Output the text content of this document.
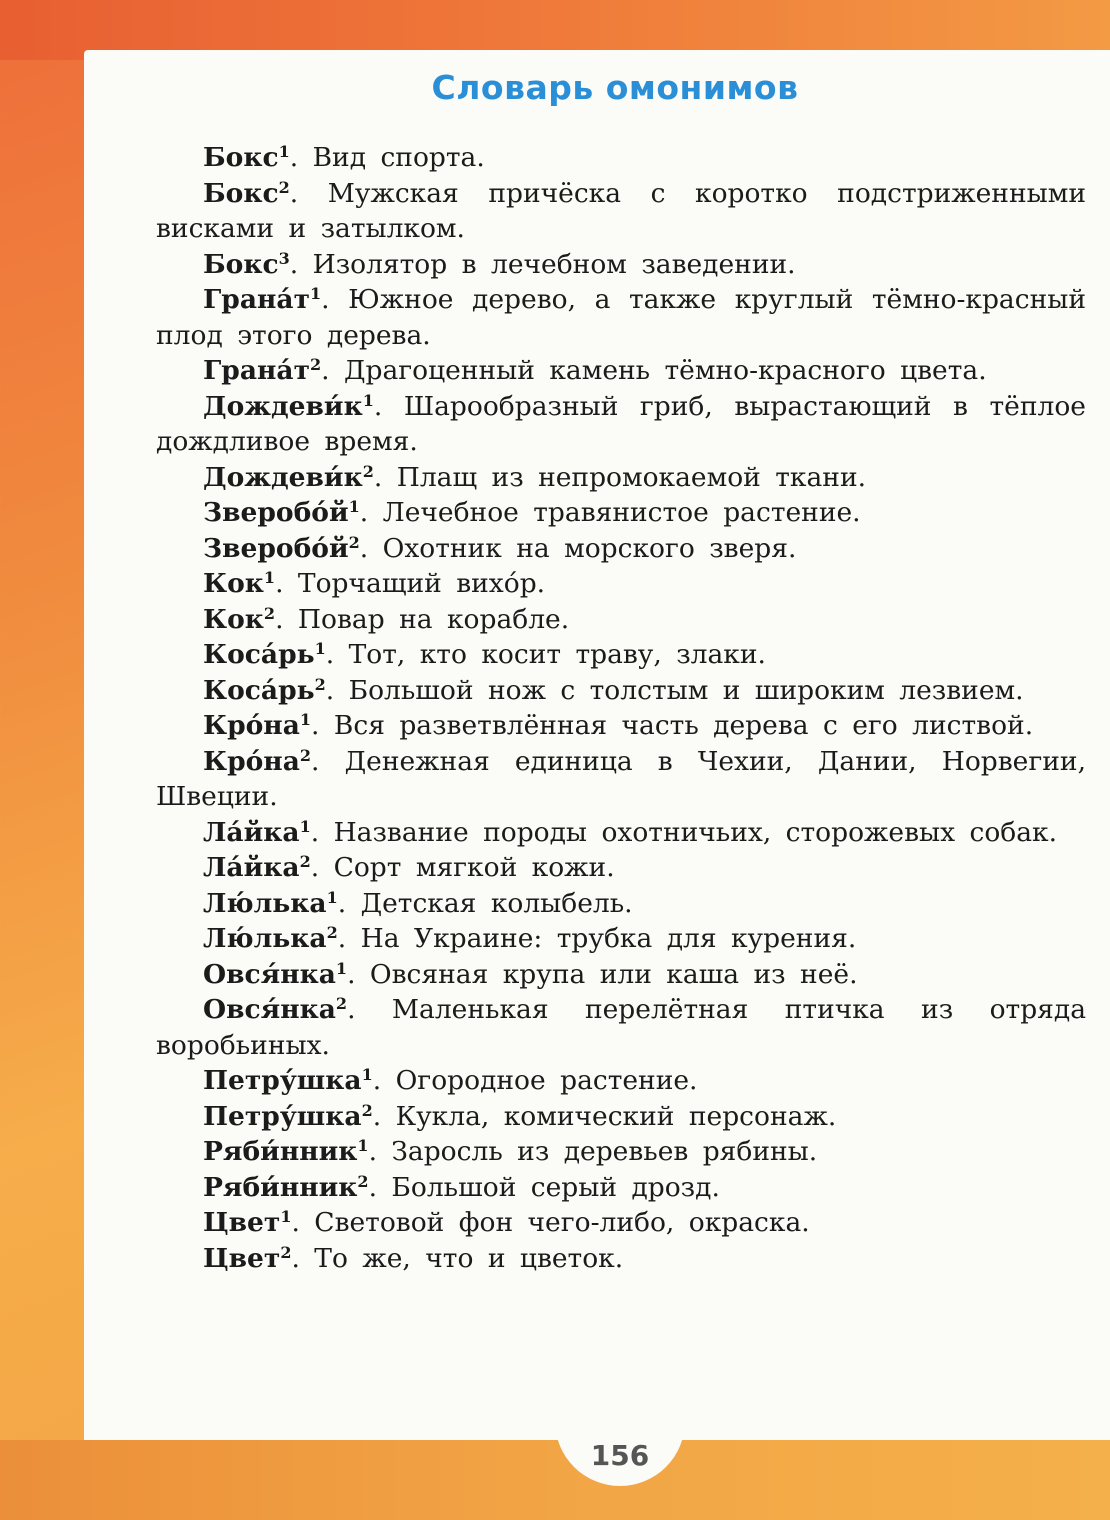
Словарь омонимов

Бокс$^1$. Вид спорта.

Бокс$^2$. Мужская причёска с коротко подстриженными висками и затылком.

Бокс$^3$. Изолятор в лечебном заведении.

$Грана́т^1$. Южное дерево, а также круглый тёмно-красный плод этого дерева.

$Грана́т^2$. Драгоценный камень тёмно-красного цвета.

$Дождеви́к^1$. Шарообразный гриб, вырастающий в тёплое дождливое время.

$Дождеви́к^2$. Плащ из непромокаемой ткани.

$Зверобо́й^1$. Лечебное травянистое растение.

$Зверобо́й^2$. Охотник на морского зверя.

Кок$^1$. Торчащий вихо́р.

Кок$^2$. Повар на корабле.

$Коса́рь^1$. Тот, кто косит траву, злаки.

$Коса́рь^2$. Большой нож с толстым и широким лезвием.

$Кро́на^1$. Вся разветвлённая часть дерева с его листвой.

$Кро́на^2$. Денежная единица в Чехии, Дании, Норвегии, Швеции.

Ла́йка$^1$. Название породы охотничьих, сторожевых собак.

Ла́йка$^2$. Сорт мягкой кожи.

Лю́лька$^1$. Детская колыбель.

Лю́лька$^2$. На Украине: трубка для курения.

Овся́нка$^1$. Овсяная крупа или каша из неё.

Овся́нка$^2$. Маленькая перелётная птичка из отряда воробьиных.

Петру́шка$^1$. Огородное растение.

Петру́шка$^2$. Кукла, комический персонаж.

Ряби́нник$^1$. Заросль из деревьев рябины.

Ряби́нник$^2$. Большой серый дрозд.

Цвет$^1$. Световой фон чего-либо, окраска.

Цвет$^2$. То же, что и цветок.

156
